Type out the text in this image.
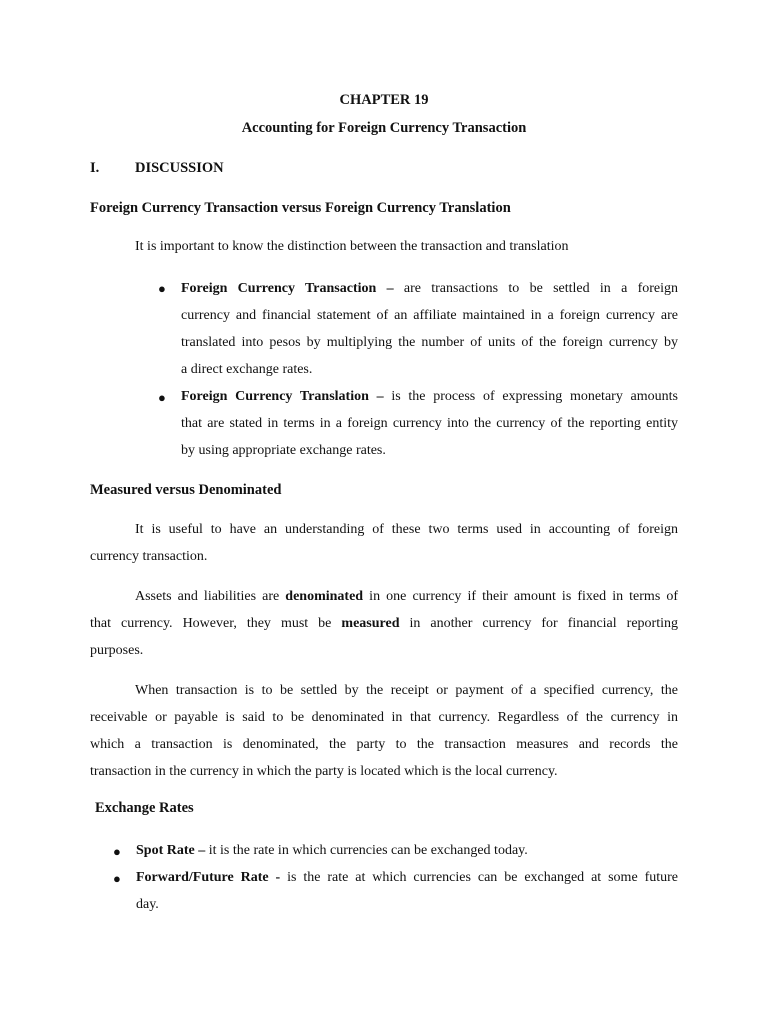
CHAPTER 19
Accounting for Foreign Currency Transaction
I. DISCUSSION
Foreign Currency Transaction versus Foreign Currency Translation
It is important to know the distinction between the transaction and translation
● Foreign Currency Transaction – are transactions to be settled in a foreign
currency and financial statement of an affiliate maintained in a foreign currency are
translated into pesos by multiplying the number of units of the foreign currency by
a direct exchange rates.
● Foreign Currency Translation – is the process of expressing monetary amounts
that are stated in terms in a foreign currency into the currency of the reporting entity
by using appropriate exchange rates.
Measured versus Denominated
It is useful to have an understanding of these two terms used in accounting of foreign
currency transaction.
Assets and liabilities are denominated in one currency if their amount is fixed in terms of
that currency. However, they must be measured in another currency for financial reporting
purposes.
When transaction is to be settled by the receipt or payment of a specified currency, the
receivable or payable is said to be denominated in that currency. Regardless of the currency in
which a transaction is denominated, the party to the transaction measures and records the
transaction in the currency in which the party is located which is the local currency.
Exchange Rates
● Spot Rate – it is the rate in which currencies can be exchanged today.
● Forward/Future Rate - is the rate at which currencies can be exchanged at some future
day.
